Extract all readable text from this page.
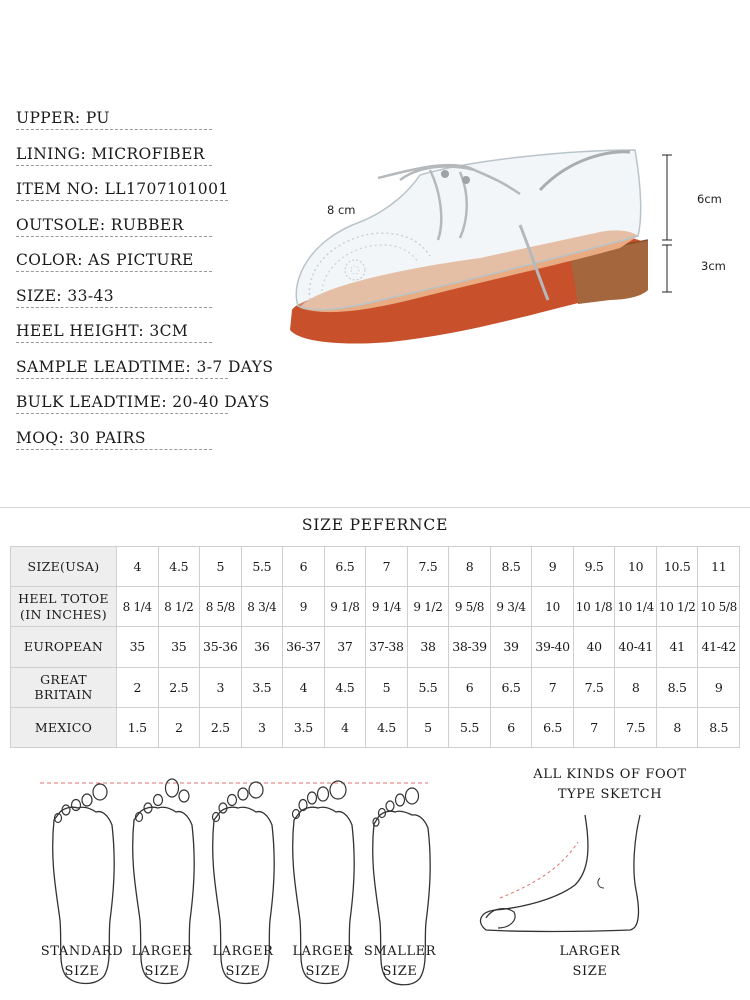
UPPER: PU
LINING: MICROFIBER
ITEM NO: LL1707101001
OUTSOLE: RUBBER
COLOR: AS PICTURE
SIZE: 33-43
HEEL HEIGHT: 3CM
SAMPLE LEADTIME: 3-7 DAYS
BULK LEADTIME: 20-40 DAYS
MOQ: 30 PAIRS
8 cm
6cm
3cm
SIZE PEFERNCE
SIZE(USA)	4	4.5	5	5.5	6	6.5	7	7.5	8	8.5	9	9.5	10	10.5	11
HEEL TOTOE (IN INCHES)	8 1/4	8 1/2	8 5/8	8 3/4	9	9 1/8	9 1/4	9 1/2	9 5/8	9 3/4	10	10 1/8	10 1/4	10 1/2	10 5/8
EUROPEAN	35	35	35-36	36	36-37	37	37-38	38	38-39	39	39-40	40	40-41	41	41-42
GREAT BRITAIN	2	2.5	3	3.5	4	4.5	5	5.5	6	6.5	7	7.5	8	8.5	9
MEXICO	1.5	2	2.5	3	3.5	4	4.5	5	5.5	6	6.5	7	7.5	8	8.5
STANDARD
SIZE
LARGER
SIZE
LARGER
SIZE
LARGER
SIZE
SMALLER
SIZE
ALL KINDS OF FOOT
TYPE SKETCH
LARGER
SIZE
